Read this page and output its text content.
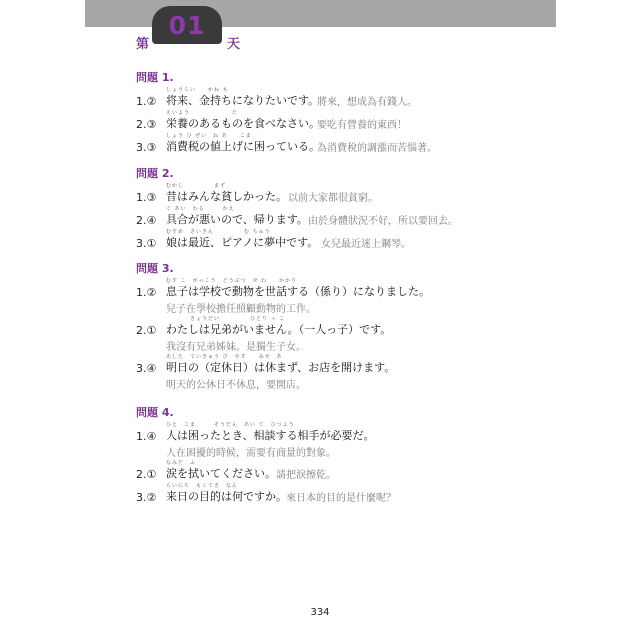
01
第	天
問題 1.
1.②
しょうらい　　かね も
将来、金持ちになりたいです。
將來，想成為有錢人。
2.③
えいよう　　　　　　　た
栄養のあるものを食べなさい。
要吃有營養的東西！
3.③
しょう ひ ぜい　ね あ　　こま
消費税の値上げに困っている。
為消費稅的調漲而苦惱著。
問題 2.
1.③
むかし　　　　　まず
昔はみんな貧しかった。 以前大家都很貧窮。
2.④
ぐ あい　わる　　　かえ
具合が悪いので、帰ります。 由於身體狀況不好，所以要回去。
3.①
むすめ　さいきん　　　　　む ちゅう
娘は最近、ピアノに夢中です。 女兒最近迷上鋼琴。
問題 3.
1.②
むす こ　がっこう　どうぶつ　せ わ　　かかり
息子は学校で動物を世話する（係り）になりました。
兒子在學校擔任照顧動物的工作。
2.①
　　　　きょうだい　　　　　ひとり っ こ
わたしは兄弟がいません。（一人っ子）です。
我沒有兄弟姊妹。是獨生子女。
3.④
あした　ていきゅう び　やす　　みせ　あ
明日の（定休日）は休まず、お店を開けます。
明天的公休日不休息，要開店。
問題 4.
1.④
ひと　こま　　　そうだん　あい て　ひつよう
人は困ったとき、相談する相手が必要だ。
人在困擾的時候，需要有商量的對象。
2.①
なみだ　ふ
涙を拭いてください。 請把淚擦乾。
3.②
らいにち　もくてき　なん
来日の目的は何ですか。 來日本的目的是什麼呢？
334
